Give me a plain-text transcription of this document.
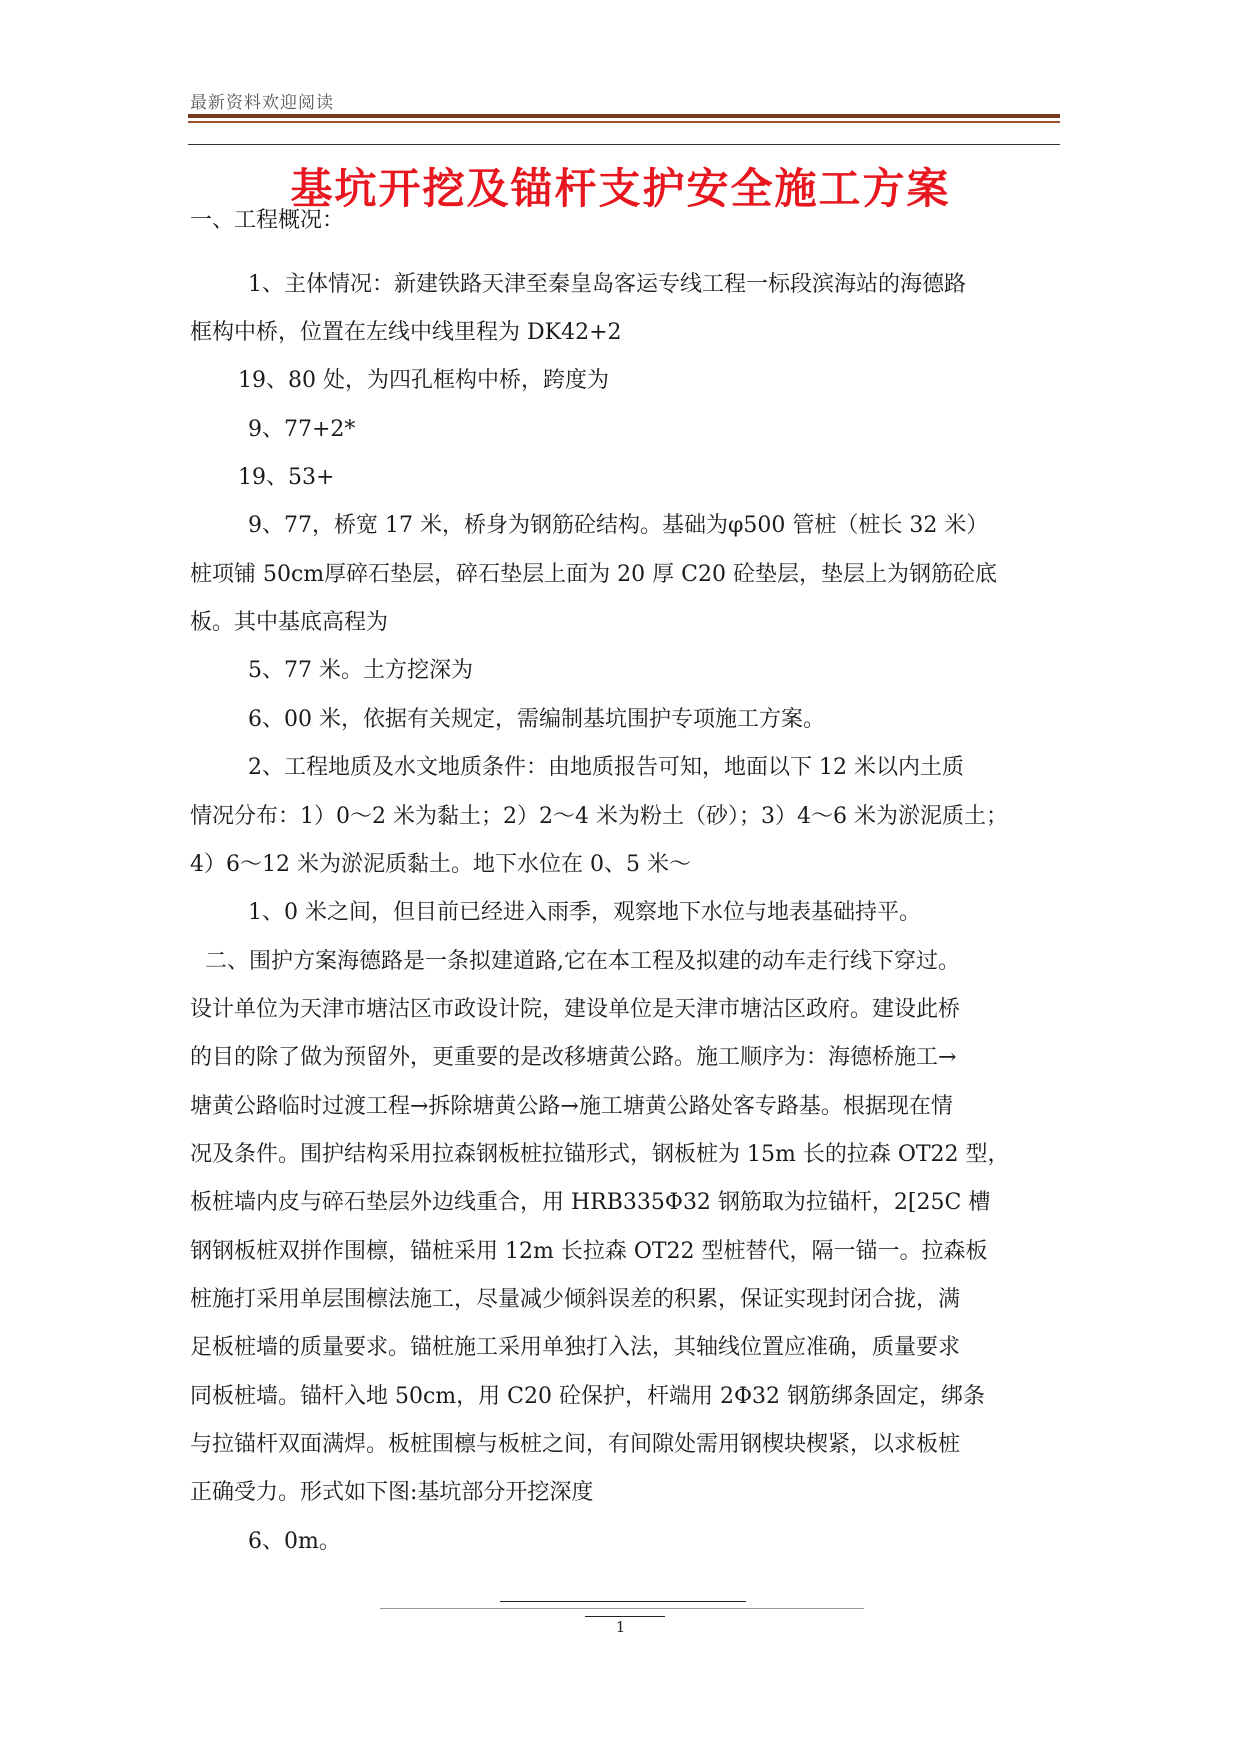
最新资料欢迎阅读
基坑开挖及锚杆支护安全施工方案
一、工程概况：
1、主体情况：新建铁路天津至秦皇岛客运专线工程一标段滨海站的海德路
框构中桥，位置在左线中线里程为 DK42+2
19、80 处，为四孔框构中桥，跨度为
9、77+2*
19、53+
9、77，桥宽 17 米，桥身为钢筋砼结构。基础为φ500 管桩（桩长 32 米）
桩项铺 50cm厚碎石垫层，碎石垫层上面为 20 厚 C20 砼垫层，垫层上为钢筋砼底
板。其中基底高程为
5、77 米。土方挖深为
6、00 米，依据有关规定，需编制基坑围护专项施工方案。
2、工程地质及水文地质条件：由地质报告可知，地面以下 12 米以内土质
情况分布：1）0～2 米为黏土；2）2～4 米为粉土（砂）；3）4～6 米为淤泥质土；
4）6～12 米为淤泥质黏土。地下水位在 0、5 米～
1、0 米之间，但目前已经进入雨季，观察地下水位与地表基础持平。
二、围护方案海德路是一条拟建道路,它在本工程及拟建的动车走行线下穿过。
设计单位为天津市塘沽区市政设计院，建设单位是天津市塘沽区政府。建设此桥
的目的除了做为预留外，更重要的是改移塘黄公路。施工顺序为：海德桥施工→
塘黄公路临时过渡工程→拆除塘黄公路→施工塘黄公路处客专路基。根据现在情
况及条件。围护结构采用拉森钢板桩拉锚形式，钢板桩为 15m 长的拉森 OT22 型，
板桩墙内皮与碎石垫层外边线重合，用 HRB335Φ32 钢筋取为拉锚杆，2[25C 槽
钢钢板桩双拼作围檩，锚桩采用 12m 长拉森 OT22 型桩替代，隔一锚一。拉森板
桩施打采用单层围檩法施工，尽量减少倾斜误差的积累，保证实现封闭合拢，满
足板桩墙的质量要求。锚桩施工采用单独打入法，其轴线位置应准确，质量要求
同板桩墙。锚杆入地 50cm，用 C20 砼保护，杆端用 2Φ32 钢筋绑条固定，绑条
与拉锚杆双面满焊。板桩围檩与板桩之间，有间隙处需用钢楔块楔紧，以求板桩
正确受力。形式如下图:基坑部分开挖深度
6、0m。
1
